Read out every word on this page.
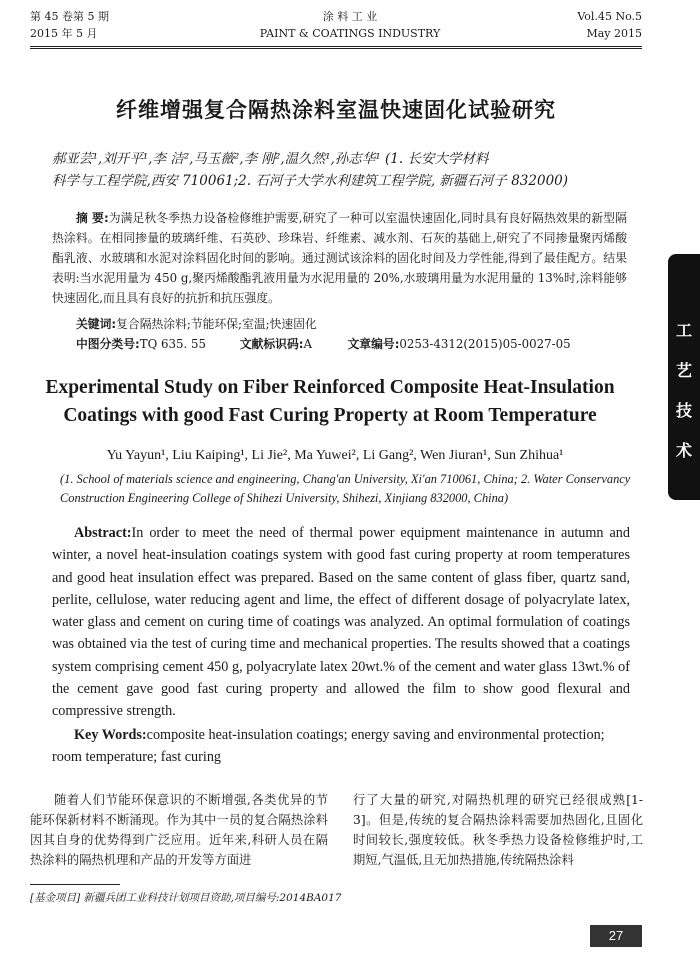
第 45 卷第 5 期
2015 年 5 月
涂 料 工 业
PAINT & COATINGS INDUSTRY
Vol.45 No.5
May 2015
纤维增强复合隔热涂料室温快速固化试验研究

郝亚芸¹,刘开平¹,李 洁²,马玉薇²,李 刚²,温久然¹,孙志华¹ (1. 长安大学材料

科学与工程学院,西安 710061;2. 石河子大学水利建筑工程学院, 新疆石河子 832000)

摘 要:为满足秋冬季热力设备检修维护需要,研究了一种可以室温快速固化,同时具有良好隔热效果的新型隔热涂料。在相同掺量的玻璃纤维、石英砂、珍珠岩、纤维素、减水剂、石灰的基础上,研究了不同掺量聚丙烯酸酯乳液、水玻璃和水泥对涂料固化时间的影响。通过测试该涂料的固化时间及力学性能,得到了最佳配方。结果表明:当水泥用量为 450 g,聚丙烯酸酯乳液用量为水泥用量的 20%,水玻璃用量为水泥用量的 13%时,涂料能够快速固化,而且具有良好的抗折和抗压强度。

关键词:复合隔热涂料;节能环保;室温;快速固化
中图分类号:TQ 635. 55	文献标识码:A	文章编号:0253-4312(2015)05-0027-05
Experimental Study on Fiber Reinforced Composite Heat-Insulation
Coatings with good Fast Curing Property at Room Temperature
Yu Yayun¹, Liu Kaiping¹, Li Jie², Ma Yuwei², Li Gang², Wen Jiuran¹, Sun Zhihua¹
(1. School of materials science and engineering, Chang'an University, Xi'an 710061, China; 2. Water Conservancy Construction Engineering College of Shihezi University, Shihezi, Xinjiang 832000, China)

Abstract:In order to meet the need of thermal power equipment maintenance in autumn and winter, a novel heat-insulation coatings system with good fast curing property at room temperatures and good heat insulation effect was prepared. Based on the same content of glass fiber, quartz sand, perlite, cellulose, water reducing agent and lime, the effect of different dosage of polyacrylate latex, water glass and cement on curing time of coatings was analyzed. An optimal formulation of coatings was obtained via the test of curing time and mechanical properties. The results showed that a coatings system comprising cement 450 g, polyacrylate latex 20wt.% of the cement and water glass 13wt.% of the cement gave good fast curing property and allowed the film to show good flexural and compressive strength.

Key Words:composite heat-insulation coatings; energy saving and environmental protection; room temperature; fast curing

随着人们节能环保意识的不断增强,各类优异的节能环保新材料不断涌现。作为其中一员的复合隔热涂料因其自身的优势得到广泛应用。近年来,科研人员在隔热涂料的隔热机理和产品的开发等方面进

行了大量的研究,对隔热机理的研究已经很成熟[1-3]。但是,传统的复合隔热涂料需要加热固化,且固化时间较长,强度较低。秋冬季热力设备检修维护时,工期短,气温低,且无加热措施,传统隔热涂料

[基金项目] 新疆兵团工业科技计划项目资助,项目编号:2014BA017
27
工
艺
技
术
